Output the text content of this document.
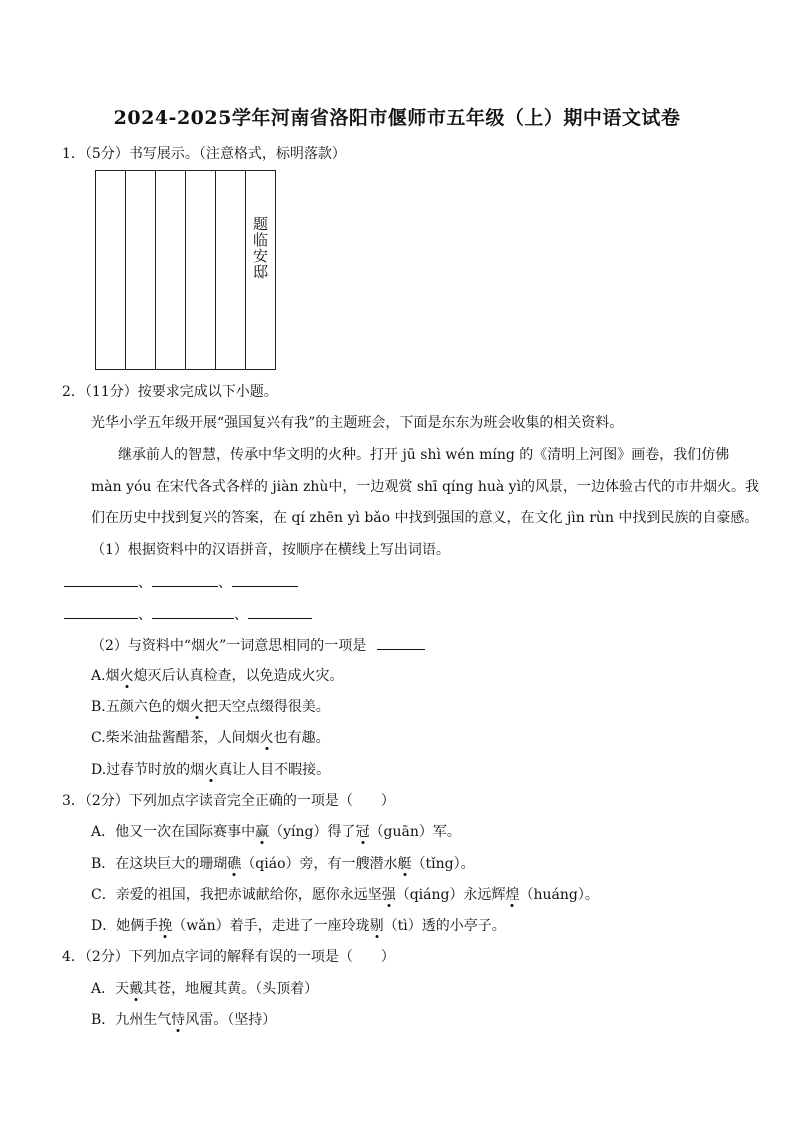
2024-2025学年河南省洛阳市偃师市五年级（上）期中语文试卷
1．（5分）书写展示。（注意格式，标明落款）
题临安邸
2．（11分）按要求完成以下小题。
光华小学五年级开展“强国复兴有我”的主题班会，下面是东东为班会收集的相关资料。
继承前人的智慧，传承中华文明的火种。打开 jū shì wén míng 的《清明上河图》画卷，我们仿佛
màn yóu 在宋代各式各样的 jiàn zhù中，一边观赏 shī qíng huà yì的风景，一边体验古代的市井烟火。我
们在历史中找到复兴的答案，在 qí zhēn yì bǎo 中找到强国的意义，在文化 jìn rùn 中找到民族的自豪感。
（1）根据资料中的汉语拼音，按顺序在横线上写出词语。
、	、
、	、
（2）与资料中“烟火”一词意思相同的一项是
A.烟火熄灭后认真检查，以免造成火灾。
B.五颜六色的烟火把天空点缀得很美。
C.柴米油盐酱醋茶，人间烟火也有趣。
D.过春节时放的烟火真让人目不暇接。
3．（2分）下列加点字读音完全正确的一项是（　　）
A．他又一次在国际赛事中赢（yíng）得了冠（guān）军。
B．在这块巨大的珊瑚礁（qiáo）旁，有一艘潜水艇（tǐng）。
C．亲爱的祖国，我把赤诚献给你，愿你永远坚强（qiáng）永远辉煌（huáng）。
D．她俩手挽（wǎn）着手，走进了一座玲珑剔（tì）透的小亭子。
4．（2分）下列加点字词的解释有误的一项是（　　）
A．天戴其苍，地履其黄。（头顶着）
B．九州生气恃风雷。（坚持）
